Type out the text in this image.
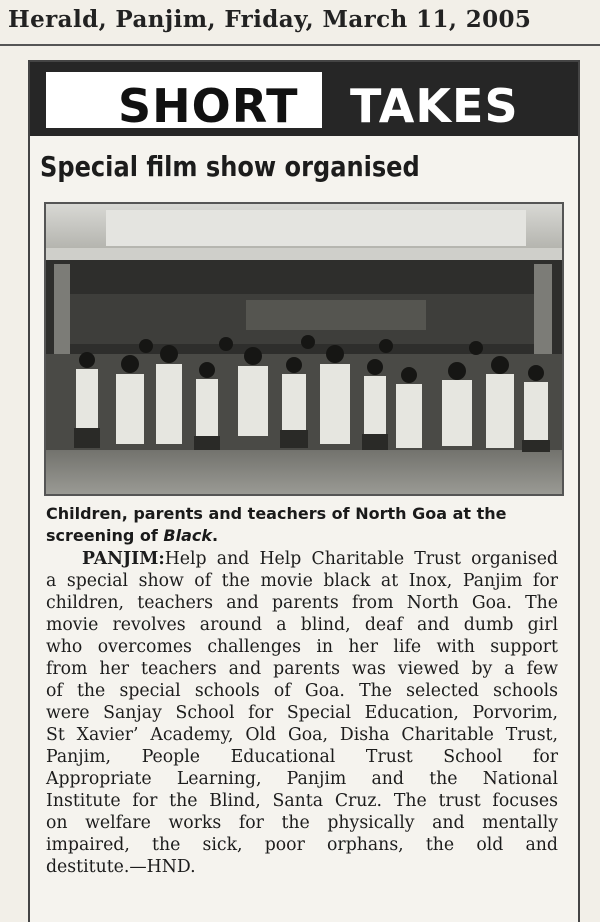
Herald, Panjim, Friday, March 11, 2005
SHORT	TAKES
Special film show organised
Children, parents and teachers of North Goa at the screening of Black.
PANJIM:Help and Help Charitable Trust organised
a special show of the movie black at Inox, Panjim for
children, teachers and parents from North Goa. The
movie revolves around a blind, deaf and dumb girl
who overcomes challenges in her life with support
from her teachers and parents was viewed by a few
of the special schools of Goa. The selected schools
were Sanjay School for Special Education, Porvorim,
St Xavier’ Academy, Old Goa, Disha Charitable Trust,
Panjim, People Educational Trust School for
Appropriate Learning, Panjim and the National
Institute for the Blind, Santa Cruz. The trust focuses
on welfare works for the physically and mentally
impaired, the sick, poor orphans, the old and
destitute.—HND.
